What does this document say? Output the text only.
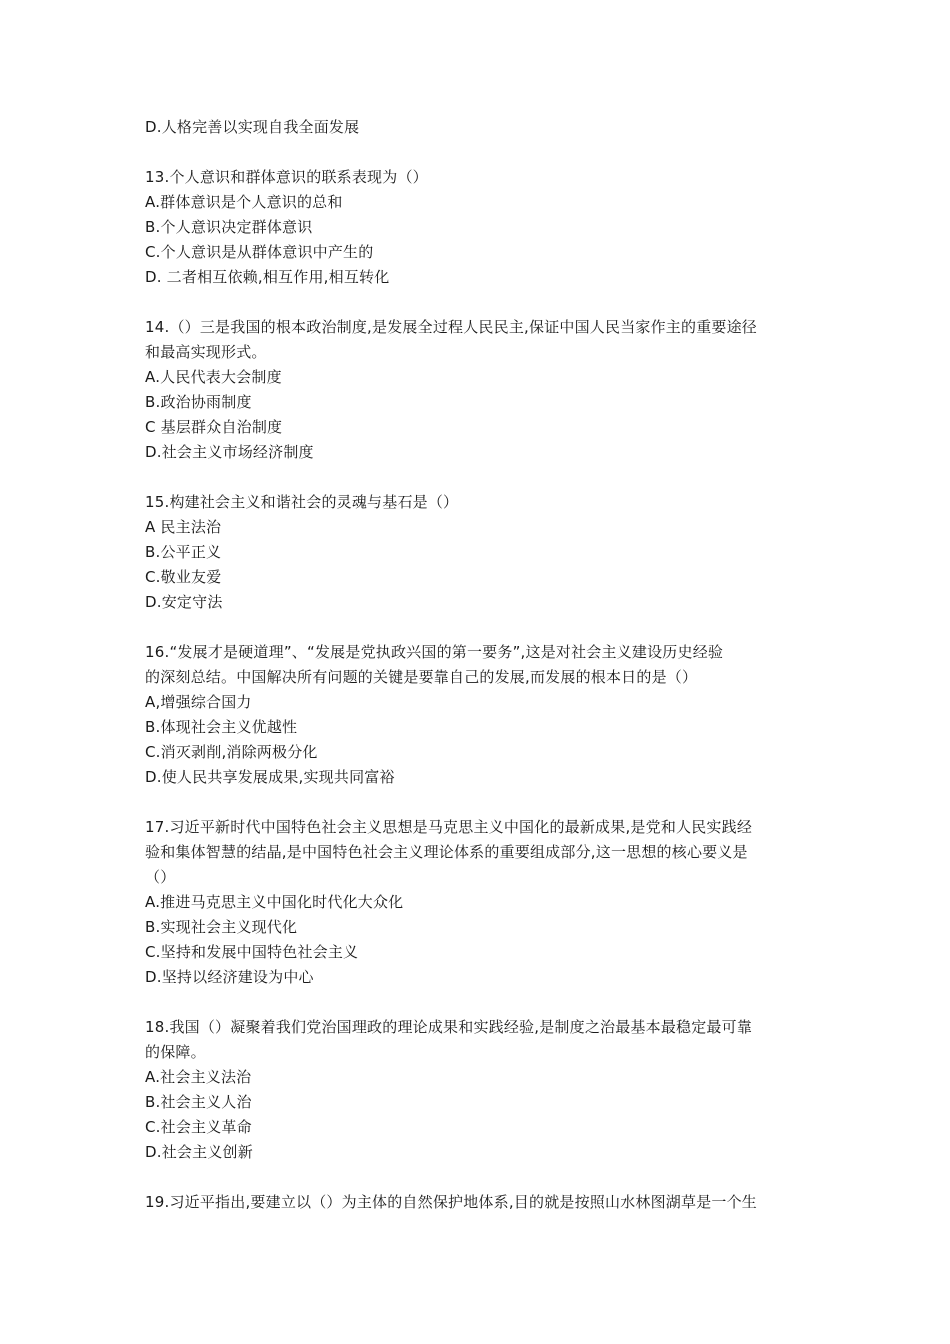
D.人格完善以实现自我全面发展
13.个人意识和群体意识的联系表现为（）
A.群体意识是个人意识的总和
B.个人意识决定群体意识
C.个人意识是从群体意识中产生的
D. 二者相互依赖,相互作用,相互转化
14.（）三是我国的根本政治制度,是发展全过程人民民主,保证中国人民当家作主的重要途径
和最高实现形式。
A.人民代表大会制度
B.政治协雨制度
C 基层群众自治制度
D.社会主义市场经济制度
15.构建社会主义和谐社会的灵魂与基石是（）
A 民主法治
B.公平正义
C.敬业友爱
D.安定守法
16.“发展才是硬道理”、“发展是党执政兴国的第一要务”,这是对社会主义建设历史经验
的深刻总结。中国解决所有问题的关键是要靠自己的发展,而发展的根本日的是（）
A,增强综合国力
B.体现社会主义优越性
C.消灭剥削,消除两极分化
D.使人民共享发展成果,实现共同富裕
17.习近平新时代中国特色社会主义思想是马克思主义中国化的最新成果,是党和人民实践经
验和集体智慧的结晶,是中国特色社会主义理论体系的重要组成部分,这一思想的核心要义是
（）
A.推进马克思主义中国化时代化大众化
B.实现社会主义现代化
C.坚持和发展中国特色社会主义
D.坚持以经济建设为中心
18.我国（）凝聚着我们党治国理政的理论成果和实践经验,是制度之治最基本最稳定最可靠
的保障。
A.社会主义法治
B.社会主义人治
C.社会主义革命
D.社会主义创新
19.习近平指出,要建立以（）为主体的自然保护地体系,目的就是按照山水林图湖草是一个生
